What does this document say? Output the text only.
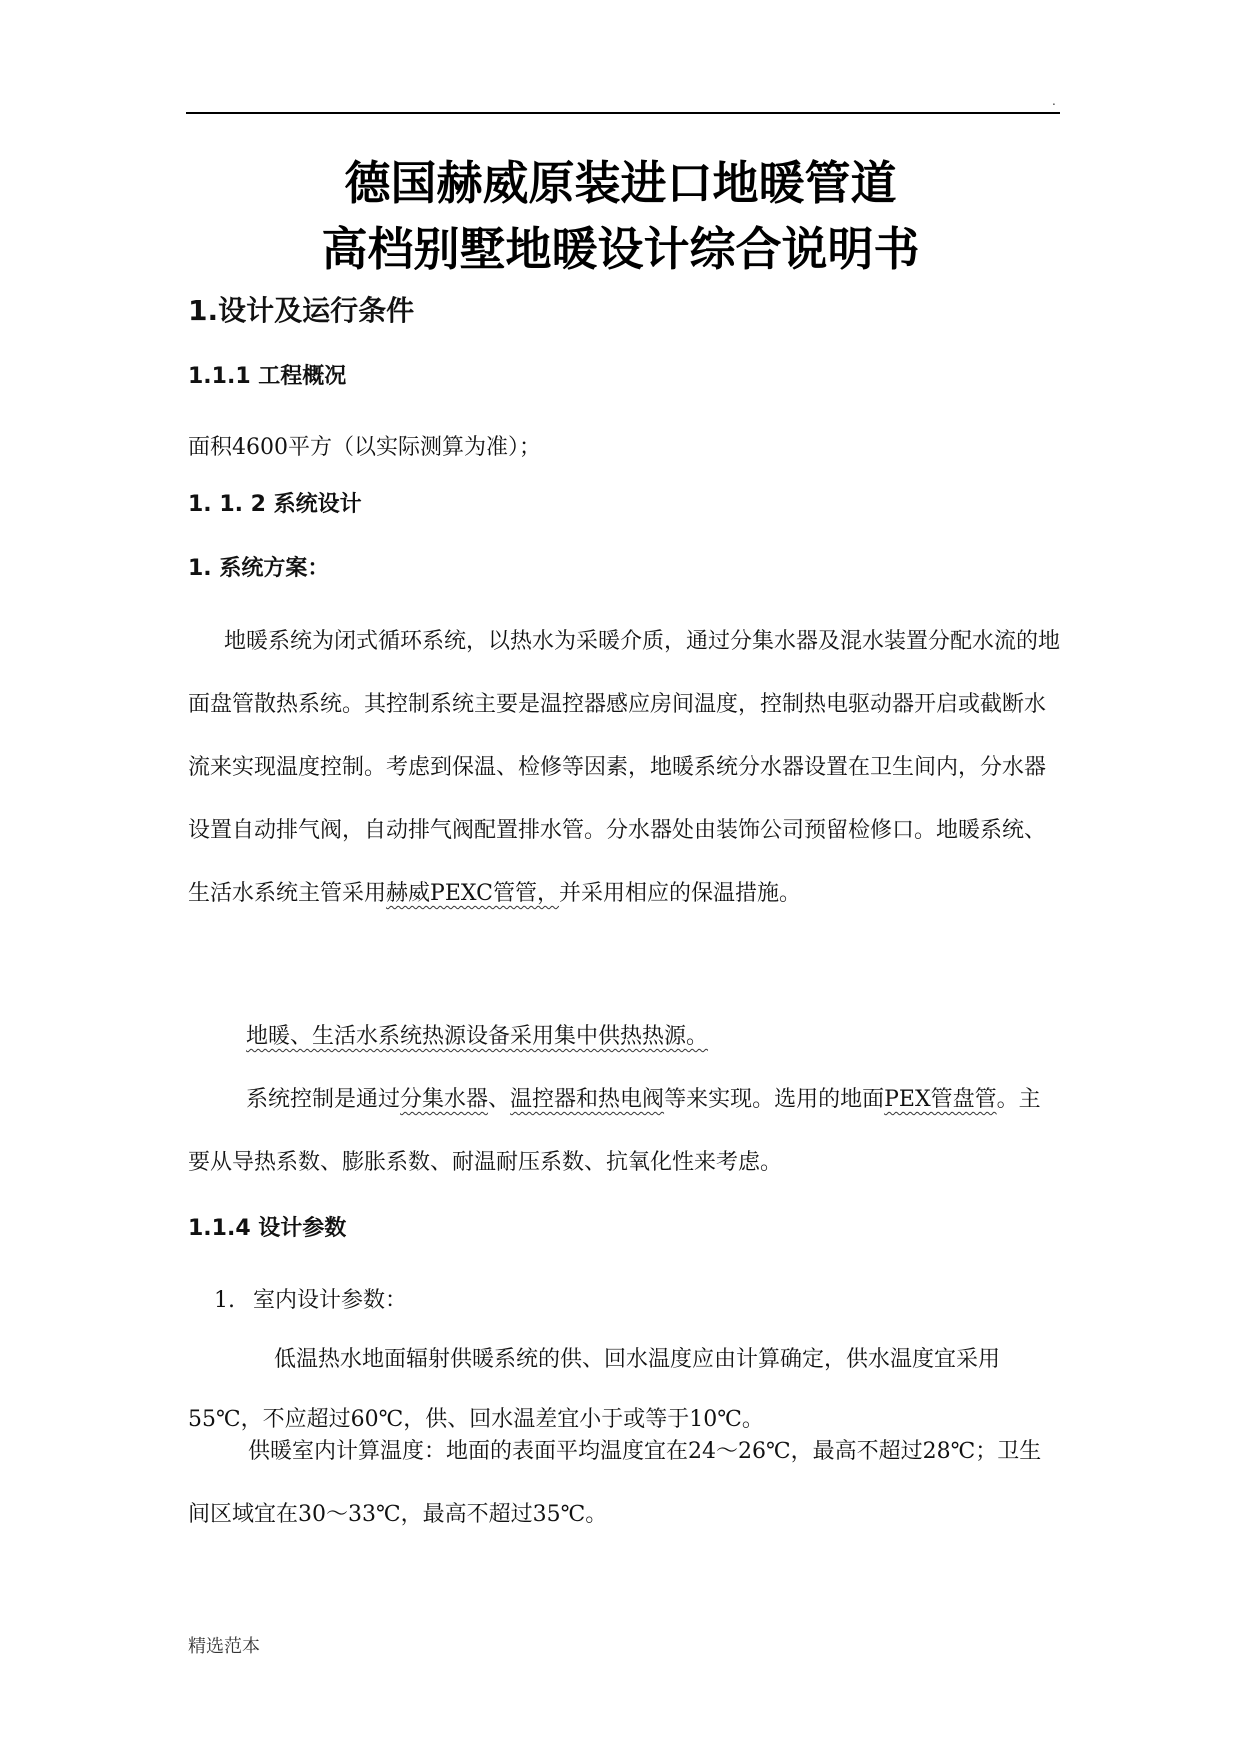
.
德国赫威原装进口地暖管道
高档别墅地暖设计综合说明书
1.设计及运行条件
1.1.1 工程概况
面积4600平方（以实际测算为准）；
1. 1. 2 系统设计
1. 系统方案：
地暖系统为闭式循环系统，以热水为采暖介质，通过分集水器及混水装置分配水流的地面盘管散热系统。其控制系统主要是温控器感应房间温度，控制热电驱动器开启或截断水流来实现温度控制。考虑到保温、检修等因素，地暖系统分水器设置在卫生间内，分水器设置自动排气阀，自动排气阀配置排水管。分水器处由装饰公司预留检修口。地暖系统、生活水系统主管采用赫威PEXC管管，并采用相应的保温措施。
地暖、生活水系统热源设备采用集中供热热源。
系统控制是通过分集水器、温控器和热电阀等来实现。选用的地面PEX管盘管。主要从导热系数、膨胀系数、耐温耐压系数、抗氧化性来考虑。
1.1.4 设计参数
1. 室内设计参数：
低温热水地面辐射供暖系统的供、回水温度应由计算确定，供水温度宜采用55℃，不应超过60℃，供、回水温差宜小于或等于10℃。
供暖室内计算温度：地面的表面平均温度宜在24～26℃，最高不超过28℃；卫生间区域宜在30～33℃，最高不超过35℃。
精选范本
